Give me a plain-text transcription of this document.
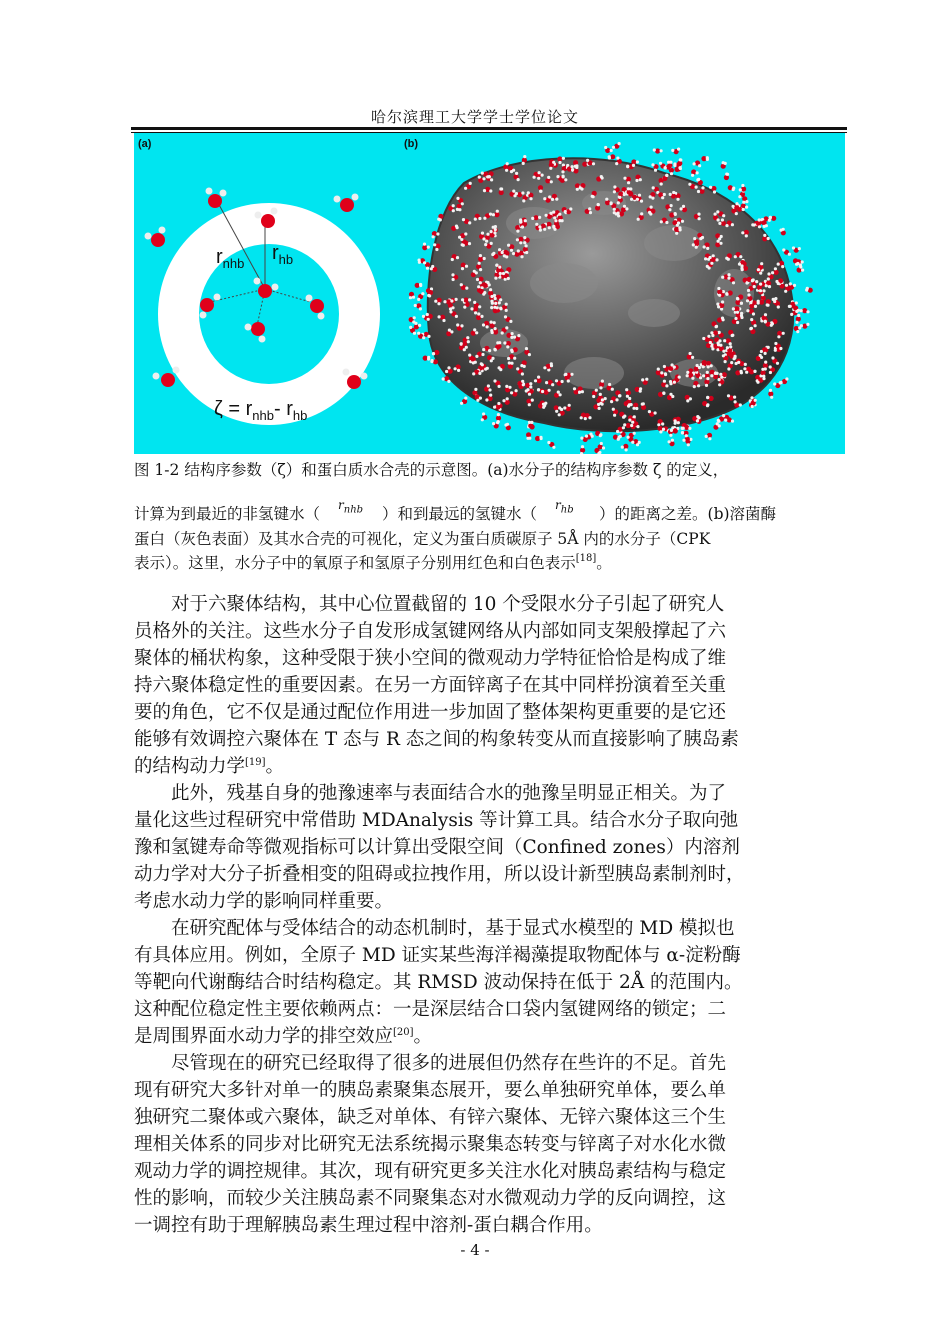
哈尔滨理工大学学士学位论文
(a)
$r_{nhb}$ $r_{hb}$
$\zeta = r_{nhb}-$ $r_{hb}$
(b)
图 1-2 结构序参数（ζ）和蛋白质水合壳的示意图。(a)水分子的结构序参数 ζ 的定义，
计算为到最近的非氢键水（ $r_{nhb}$ ）和到最远的氢键水（ $r_{hb}$ ）的距离之差。(b)溶菌酶
蛋白（灰色表面）及其水合壳的可视化，定义为蛋白质碳原子 5Å 内的水分子（CPK
表示）。这里，水分子中的氧原子和氢原子分别用红色和白色表示[18]。
　　对于六聚体结构，其中心位置截留的 10 个受限水分子引起了研究人
员格外的关注。这些水分子自发形成氢键网络从内部如同支架般撑起了六
聚体的桶状构象，这种受限于狭小空间的微观动力学特征恰恰是构成了维
持六聚体稳定性的重要因素。在另一方面锌离子在其中同样扮演着至关重
要的角色，它不仅是通过配位作用进一步加固了整体架构更重要的是它还
能够有效调控六聚体在 T 态与 R 态之间的构象转变从而直接影响了胰岛素
的结构动力学[19]。
　　此外，残基自身的弛豫速率与表面结合水的弛豫呈明显正相关。为了
量化这些过程研究中常借助 MDAnalysis 等计算工具。结合水分子取向弛
豫和氢键寿命等微观指标可以计算出受限空间（Confined zones）内溶剂
动力学对大分子折叠相变的阻碍或拉拽作用，所以设计新型胰岛素制剂时，
考虑水动力学的影响同样重要。
　　在研究配体与受体结合的动态机制时，基于显式水模型的 MD 模拟也
有具体应用。例如，全原子 MD 证实某些海洋褐藻提取物配体与 α-淀粉酶
等靶向代谢酶结合时结构稳定。其 RMSD 波动保持在低于 2Å 的范围内。
这种配位稳定性主要依赖两点：一是深层结合口袋内氢键网络的锁定；二
是周围界面水动力学的排空效应[20]。
　　尽管现在的研究已经取得了很多的进展但仍然存在些许的不足。首先
现有研究大多针对单一的胰岛素聚集态展开，要么单独研究单体，要么单
独研究二聚体或六聚体，缺乏对单体、有锌六聚体、无锌六聚体这三个生
理相关体系的同步对比研究无法系统揭示聚集态转变与锌离子对水化水微
观动力学的调控规律。其次，现有研究更多关注水化对胰岛素结构与稳定
性的影响，而较少关注胰岛素不同聚集态对水微观动力学的反向调控，这
一调控有助于理解胰岛素生理过程中溶剂-蛋白耦合作用。
- 4 -
